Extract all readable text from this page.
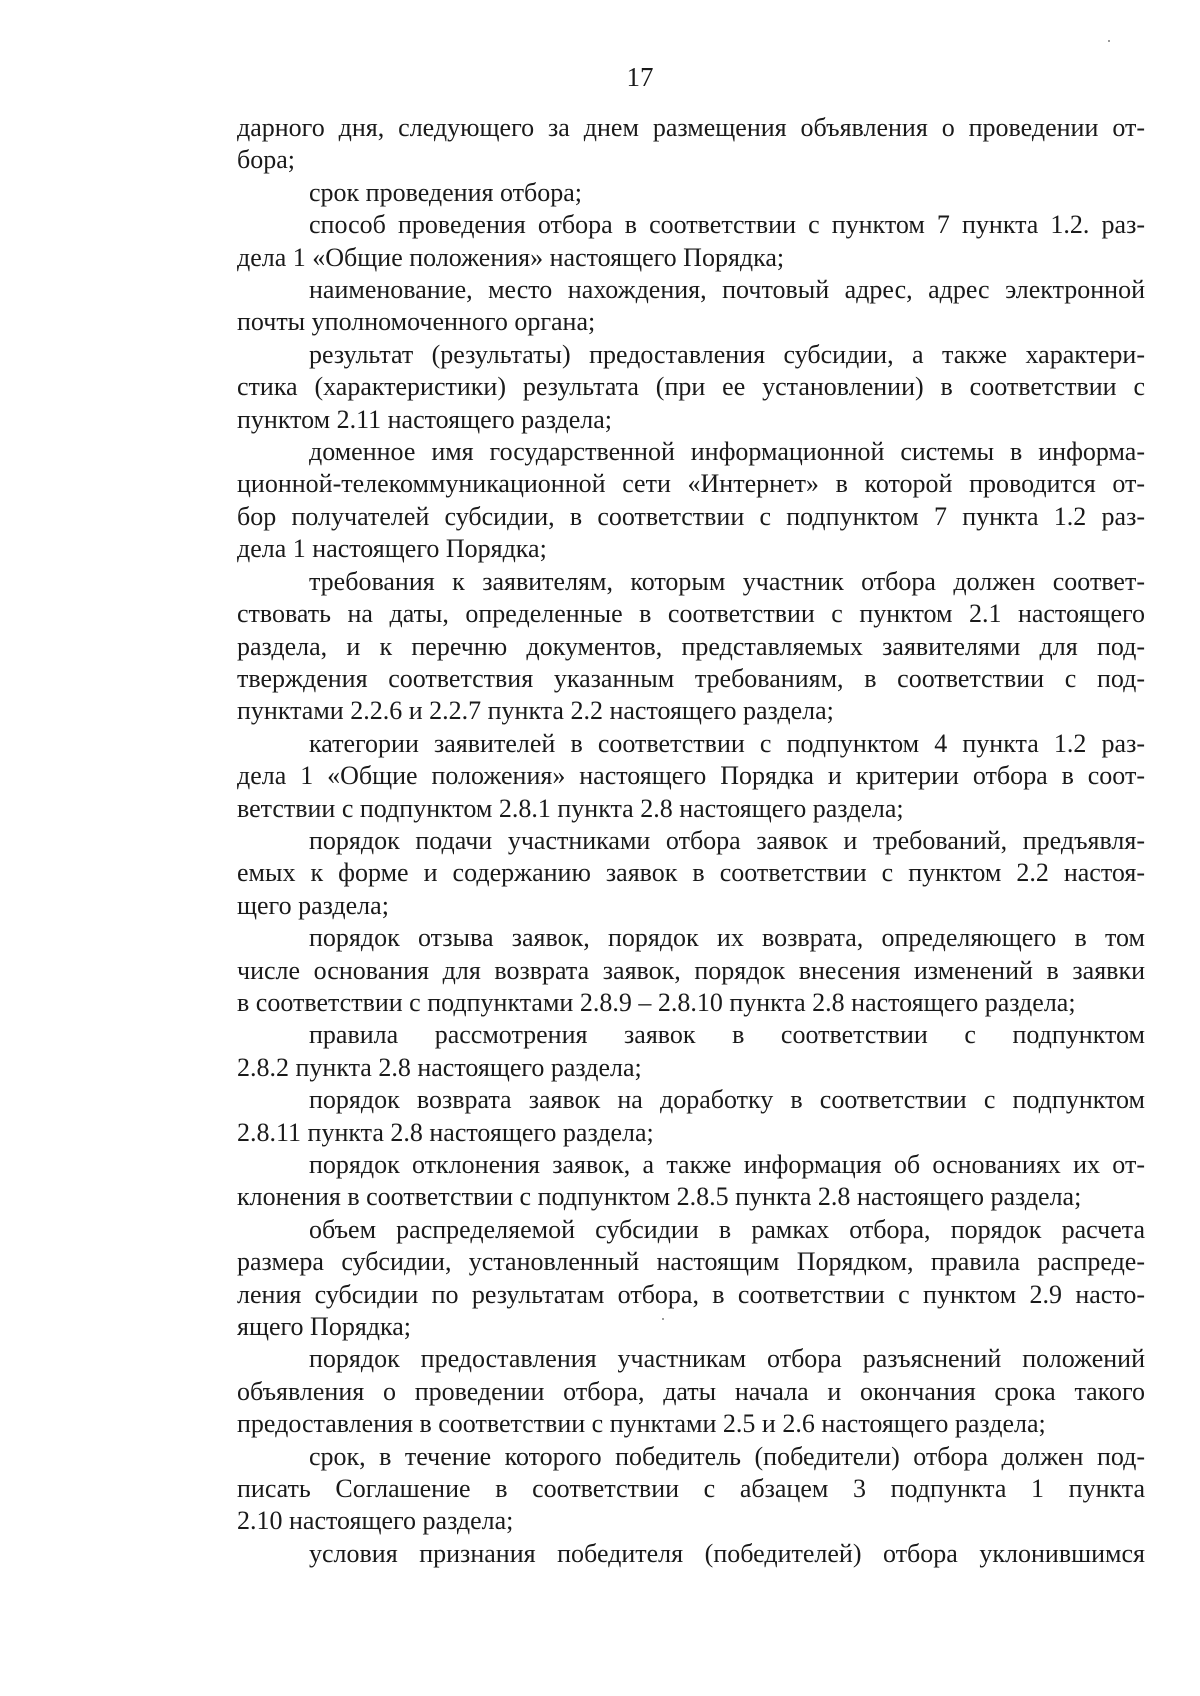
17
дарного дня, следующего за днем размещения объявления о проведении от-
бора;
срок проведения отбора;
способ проведения отбора в соответствии с пунктом 7 пункта 1.2. раз-
дела 1 «Общие положения» настоящего Порядка;
наименование, место нахождения, почтовый адрес, адрес электронной
почты уполномоченного органа;
результат (результаты) предоставления субсидии, а также характери-
стика (характеристики) результата (при ее установлении) в соответствии с
пунктом 2.11 настоящего раздела;
доменное имя государственной информационной системы в информа-
ционной-телекоммуникационной сети «Интернет» в которой проводится от-
бор получателей субсидии, в соответствии с подпунктом 7 пункта 1.2 раз-
дела 1 настоящего Порядка;
требования к заявителям, которым участник отбора должен соответ-
ствовать на даты, определенные в соответствии с пунктом 2.1 настоящего
раздела, и к перечню документов, представляемых заявителями для под-
тверждения соответствия указанным требованиям, в соответствии с под-
пунктами 2.2.6 и 2.2.7 пункта 2.2 настоящего раздела;
категории заявителей в соответствии с подпунктом 4 пункта 1.2 раз-
дела 1 «Общие положения» настоящего Порядка и критерии отбора в соот-
ветствии с подпунктом 2.8.1 пункта 2.8 настоящего раздела;
порядок подачи участниками отбора заявок и требований, предъявля-
емых к форме и содержанию заявок в соответствии с пунктом 2.2 настоя-
щего раздела;
порядок отзыва заявок, порядок их возврата, определяющего в том
числе основания для возврата заявок, порядок внесения изменений в заявки
в соответствии с подпунктами 2.8.9 – 2.8.10 пункта 2.8 настоящего раздела;
правила рассмотрения заявок в соответствии с подпунктом
2.8.2 пункта 2.8 настоящего раздела;
порядок возврата заявок на доработку в соответствии с подпунктом
2.8.11 пункта 2.8 настоящего раздела;
порядок отклонения заявок, а также информация об основаниях их от-
клонения в соответствии с подпунктом 2.8.5 пункта 2.8 настоящего раздела;
объем распределяемой субсидии в рамках отбора, порядок расчета
размера субсидии, установленный настоящим Порядком, правила распреде-
ления субсидии по результатам отбора, в соответствии с пунктом 2.9 насто-
ящего Порядка;
порядок предоставления участникам отбора разъяснений положений
объявления о проведении отбора, даты начала и окончания срока такого
предоставления в соответствии с пунктами 2.5 и 2.6 настоящего раздела;
срок, в течение которого победитель (победители) отбора должен под-
писать Соглашение в соответствии с абзацем 3 подпункта 1 пункта
2.10 настоящего раздела;
условия признания победителя (победителей) отбора уклонившимся
